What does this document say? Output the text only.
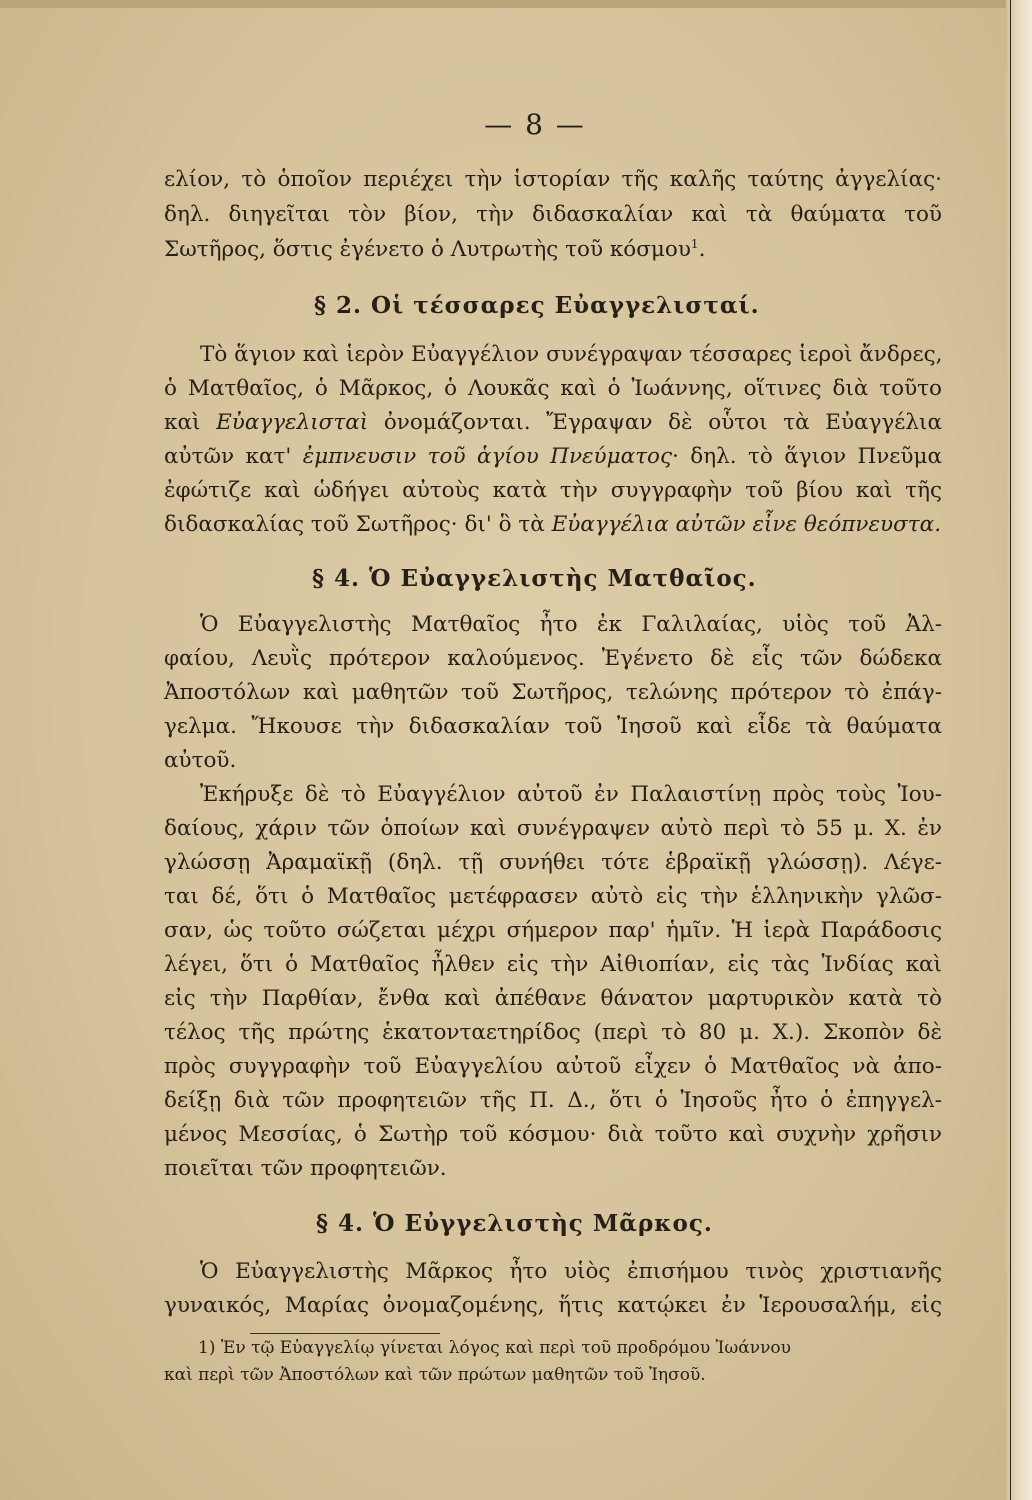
— 8 —
ελίον, τὸ ὁποῖον περιέχει τὴν ἱστορίαν τῆς καλῆς ταύτης ἀγγελίας·
δηλ. διηγεῖται τὸν βίον, τὴν διδασκαλίαν καὶ τὰ θαύματα τοῦ
Σωτῆρος, ὅστις ἐγένετο ὁ Λυτρωτὴς τοῦ κόσμου$^1$.
§ 2. Οἱ τέσσαρες Εὐαγγελισταί.
Τὸ ἅγιον καὶ ἱερὸν Εὐαγγέλιον συνέγραψαν τέσσαρες ἱεροὶ ἄνδρες,
ὁ Ματθαῖος, ὁ Μᾶρκος, ὁ Λουκᾶς καὶ ὁ Ἰωάννης, οἵτινες διὰ τοῦτο
καὶ Εὐαγγελισταὶ ὀνομάζονται. Ἔγραψαν δὲ οὗτοι τὰ Εὐαγγέλια
αὐτῶν κατ' ἐμπνευσιν τοῦ ἁγίου Πνεύματος· δηλ. τὸ ἅγιον Πνεῦμα
ἐφώτιζε καὶ ὡδήγει αὐτοὺς κατὰ τὴν συγγραφὴν τοῦ βίου καὶ τῆς
διδασκαλίας τοῦ Σωτῆρος· δι' ὃ τὰ Εὐαγγέλια αὐτῶν εἶνε θεόπνευστα.
§ 4. Ὁ Εὐαγγελιστὴς Ματθαῖος.
Ὁ Εὐαγγελιστὴς Ματθαῖος ἦτο ἐκ Γαλιλαίας, υἱὸς τοῦ Ἀλ-
φαίου, Λευῒς πρότερον καλούμενος. Ἐγένετο δὲ εἷς τῶν δώδεκα
Ἀποστόλων καὶ μαθητῶν τοῦ Σωτῆρος, τελώνης πρότερον τὸ ἐπάγ-
γελμα. Ἤκουσε τὴν διδασκαλίαν τοῦ Ἰησοῦ καὶ εἶδε τὰ θαύματα
αὐτοῦ.
Ἐκήρυξε δὲ τὸ Εὐαγγέλιον αὐτοῦ ἐν Παλαιστίνῃ πρὸς τοὺς Ἰου-
δαίους, χάριν τῶν ὁποίων καὶ συνέγραψεν αὐτὸ περὶ τὸ 55 μ. Χ. ἐν
γλώσσῃ Ἀραμαϊκῇ (δηλ. τῇ συνήθει τότε ἑβραϊκῇ γλώσσῃ). Λέγε-
ται δέ, ὅτι ὁ Ματθαῖος μετέφρασεν αὐτὸ εἰς τὴν ἑλληνικὴν γλῶσ-
σαν, ὡς τοῦτο σώζεται μέχρι σήμερον παρ' ἡμῖν. Ἡ ἱερὰ Παράδοσις
λέγει, ὅτι ὁ Ματθαῖος ἦλθεν εἰς τὴν Αἰθιοπίαν, εἰς τὰς Ἰνδίας καὶ
εἰς τὴν Παρθίαν, ἔνθα καὶ ἀπέθανε θάνατον μαρτυρικὸν κατὰ τὸ
τέλος τῆς πρώτης ἑκατονταετηρίδος (περὶ τὸ 80 μ. Χ.). Σκοπὸν δὲ
πρὸς συγγραφὴν τοῦ Εὐαγγελίου αὐτοῦ εἶχεν ὁ Ματθαῖος νὰ ἀπο-
δείξῃ διὰ τῶν προφητειῶν τῆς Π. Δ., ὅτι ὁ Ἰησοῦς ἦτο ὁ ἐπηγγελ-
μένος Μεσσίας, ὁ Σωτὴρ τοῦ κόσμου· διὰ τοῦτο καὶ συχνὴν χρῆσιν
ποιεῖται τῶν προφητειῶν.
§ 4. Ὁ Εὐγγελιστὴς Μᾶρκος.
Ὁ Εὐαγγελιστὴς Μᾶρκος ἦτο υἱὸς ἐπισήμου τινὸς χριστιανῆς
γυναικός, Μαρίας ὀνομαζομένης, ἥτις κατῴκει ἐν Ἱερουσαλήμ, εἰς
1) Ἐν τῷ Εὐαγγελίῳ γίνεται λόγος καὶ περὶ τοῦ προδρόμου Ἰωάννου
καὶ περὶ τῶν Ἀποστόλων καὶ τῶν πρώτων μαθητῶν τοῦ Ἰησοῦ.
